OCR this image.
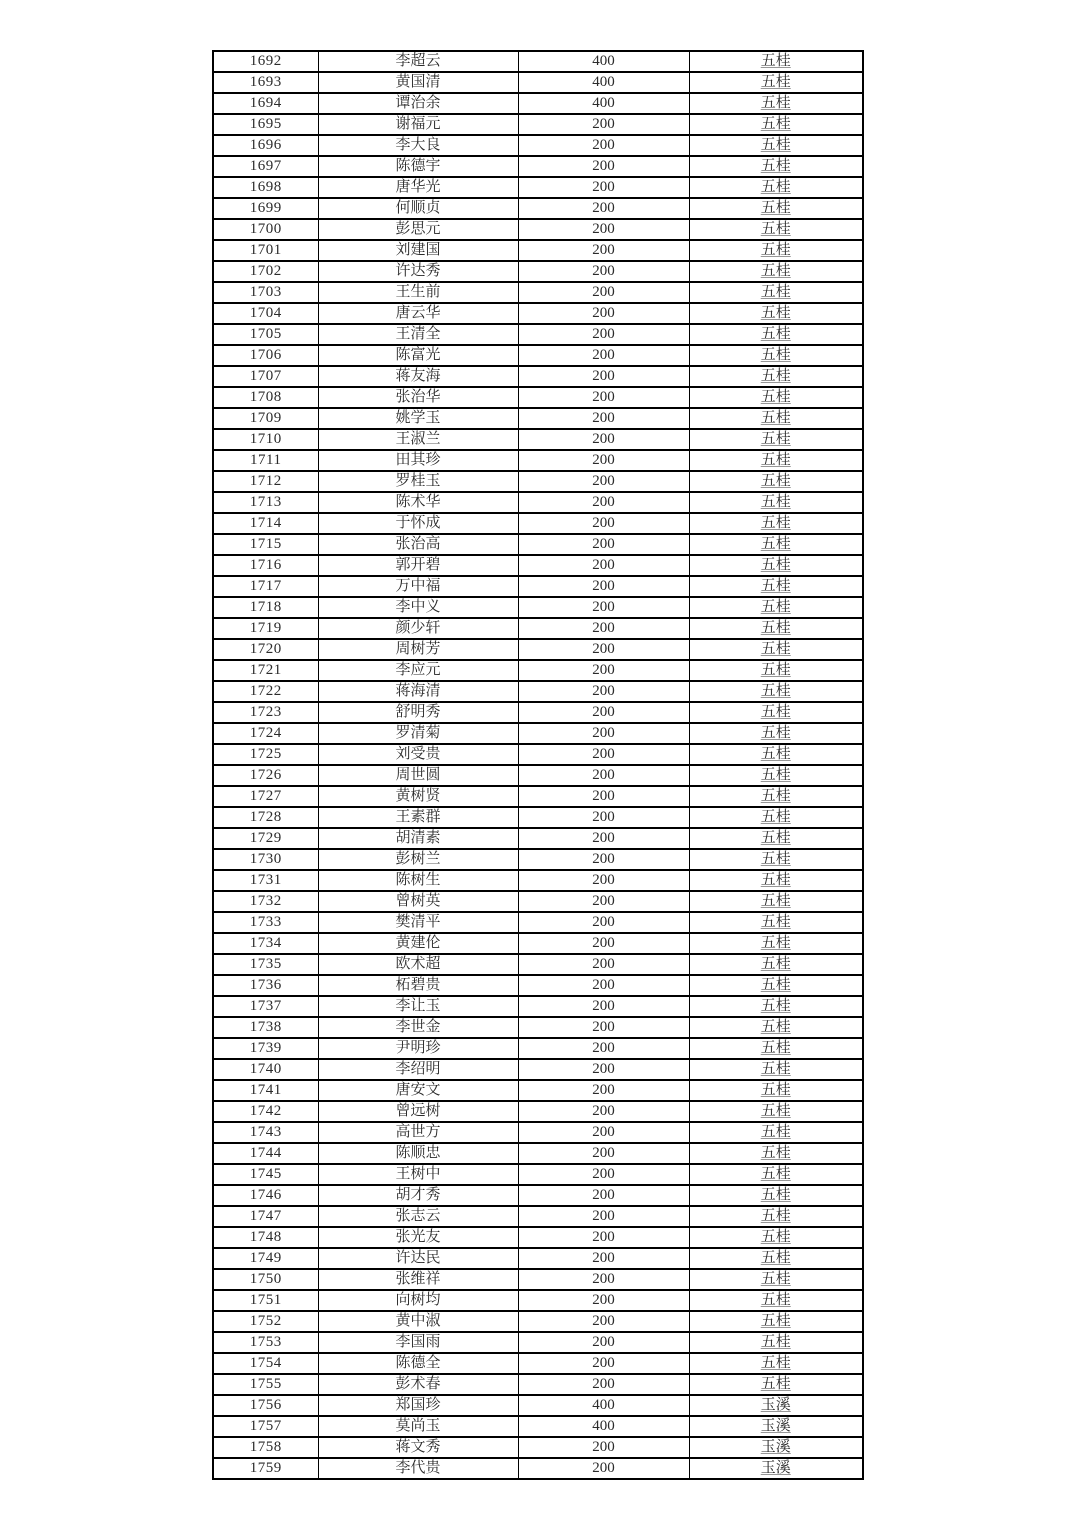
1692	李超云	400	五桂
1693	黄国清	400	五桂
1694	谭治余	400	五桂
1695	谢福元	200	五桂
1696	李大良	200	五桂
1697	陈德宇	200	五桂
1698	唐华光	200	五桂
1699	何顺贞	200	五桂
1700	彭思元	200	五桂
1701	刘建国	200	五桂
1702	许达秀	200	五桂
1703	王生前	200	五桂
1704	唐云华	200	五桂
1705	王清全	200	五桂
1706	陈富光	200	五桂
1707	蒋友海	200	五桂
1708	张治华	200	五桂
1709	姚学玉	200	五桂
1710	王淑兰	200	五桂
1711	田其珍	200	五桂
1712	罗桂玉	200	五桂
1713	陈术华	200	五桂
1714	于怀成	200	五桂
1715	张治高	200	五桂
1716	郭开碧	200	五桂
1717	万中福	200	五桂
1718	李中义	200	五桂
1719	颜少轩	200	五桂
1720	周树芳	200	五桂
1721	李应元	200	五桂
1722	蒋海清	200	五桂
1723	舒明秀	200	五桂
1724	罗清菊	200	五桂
1725	刘受贵	200	五桂
1726	周世圆	200	五桂
1727	黄树贤	200	五桂
1728	王素群	200	五桂
1729	胡清素	200	五桂
1730	彭树兰	200	五桂
1731	陈树生	200	五桂
1732	曾树英	200	五桂
1733	樊清平	200	五桂
1734	黄建伦	200	五桂
1735	欧术超	200	五桂
1736	柘碧贵	200	五桂
1737	李让玉	200	五桂
1738	李世金	200	五桂
1739	尹明珍	200	五桂
1740	李绍明	200	五桂
1741	唐安文	200	五桂
1742	曾远树	200	五桂
1743	高世方	200	五桂
1744	陈顺忠	200	五桂
1745	王树中	200	五桂
1746	胡才秀	200	五桂
1747	张志云	200	五桂
1748	张光友	200	五桂
1749	许达民	200	五桂
1750	张维祥	200	五桂
1751	向树均	200	五桂
1752	黄中淑	200	五桂
1753	李国雨	200	五桂
1754	陈德全	200	五桂
1755	彭术春	200	五桂
1756	郑国珍	400	玉溪
1757	莫尚玉	400	玉溪
1758	蒋文秀	200	玉溪
1759	李代贵	200	玉溪
